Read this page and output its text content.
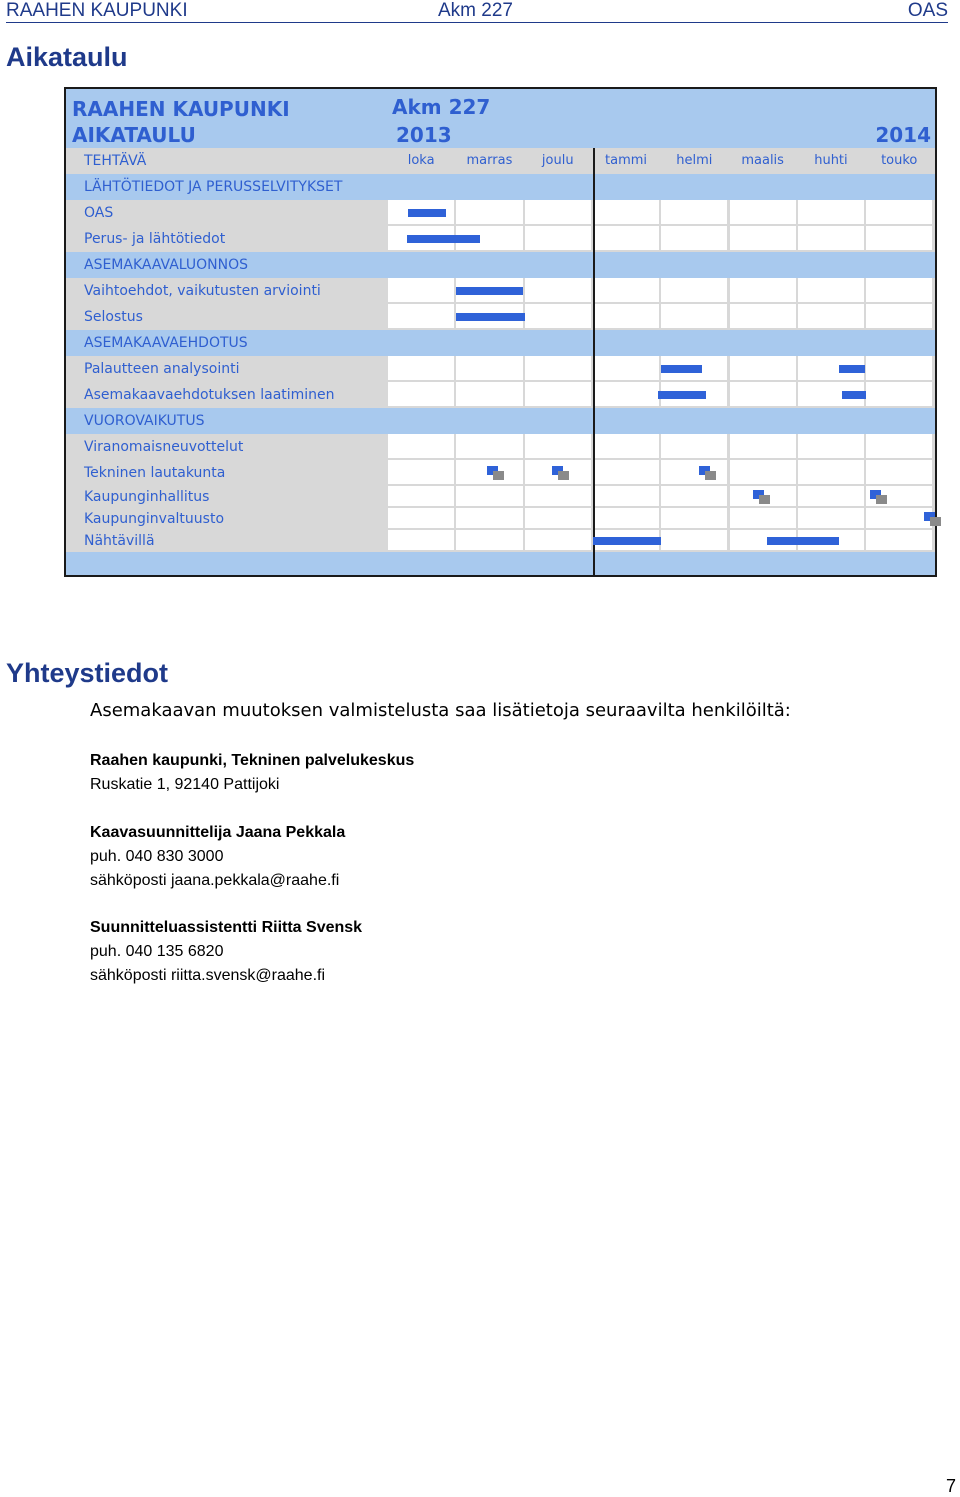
RAAHEN KAUPUNKI	Akm 227	OAS
Aikataulu
RAAHEN KAUPUNKI
AIKATAULU
Akm 227
2013	2014
TEHTÄVÄ	loka	marras	joulu	tammi	helmi	maalis	huhti	touko
LÄHTÖTIEDOT JA PERUSSELVITYKSET
OAS
Perus- ja lähtötiedot
ASEMAKAAVALUONNOS
Vaihtoehdot, vaikutusten arviointi
Selostus
ASEMAKAAVAEHDOTUS
Palautteen analysointi
Asemakaavaehdotuksen laatiminen
VUOROVAIKUTUS
Viranomaisneuvottelut
Tekninen lautakunta
Kaupunginhallitus
Kaupunginvaltuusto
Nähtävillä
Yhteystiedot
Asemakaavan muutoksen valmistelusta saa lisätietoja seuraavilta henkilöiltä:
Raahen kaupunki, Tekninen palvelukeskus
Ruskatie 1, 92140 Pattijoki
Kaavasuunnittelija Jaana Pekkala
puh. 040 830 3000
sähköposti jaana.pekkala@raahe.fi
Suunnitteluassistentti Riitta Svensk
puh. 040 135 6820
sähköposti riitta.svensk@raahe.fi
7
